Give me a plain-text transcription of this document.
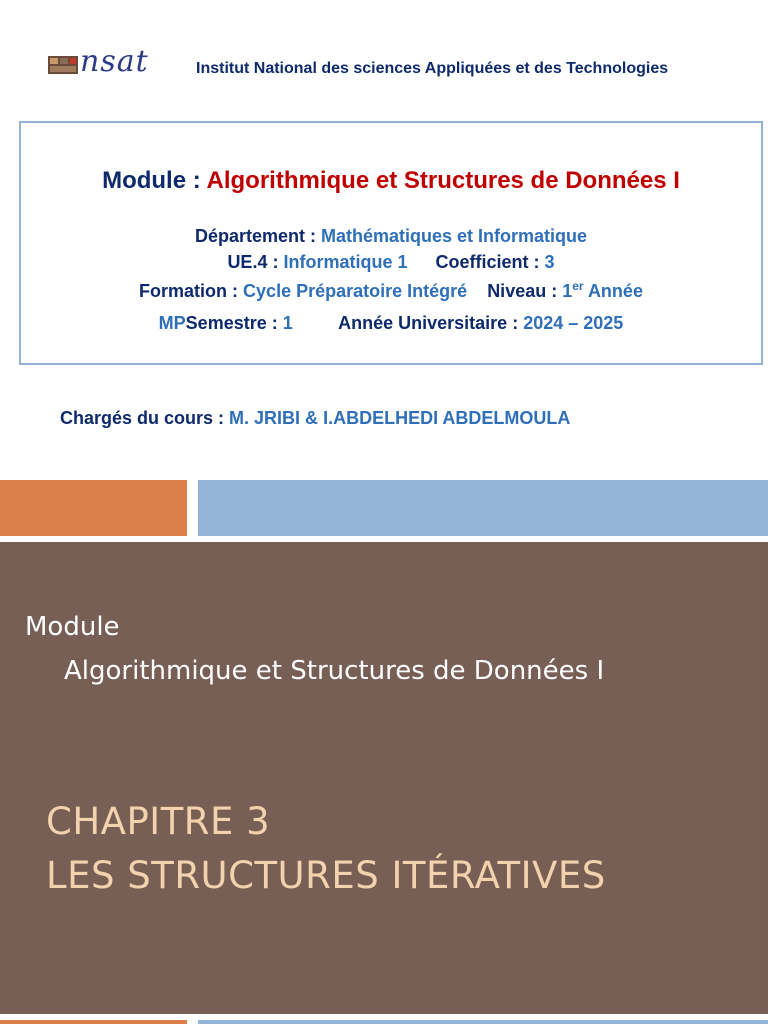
nsat	Institut National des sciences Appliquées et des Technologies
Module : Algorithmique et Structures de Données I
Département : Mathématiques et Informatique
UE.4 : Informatique 1 Coefficient : 3
Formation : Cycle Préparatoire Intégré Niveau : 1er Année
MPSemestre : 1	Année Universitaire : 2024 – 2025
Chargés du cours : M. JRIBI & I.ABDELHEDI ABDELMOULA
Module
Algorithmique et Structures de Données I
CHAPITRE 3
LES STRUCTURES ITÉRATIVES
